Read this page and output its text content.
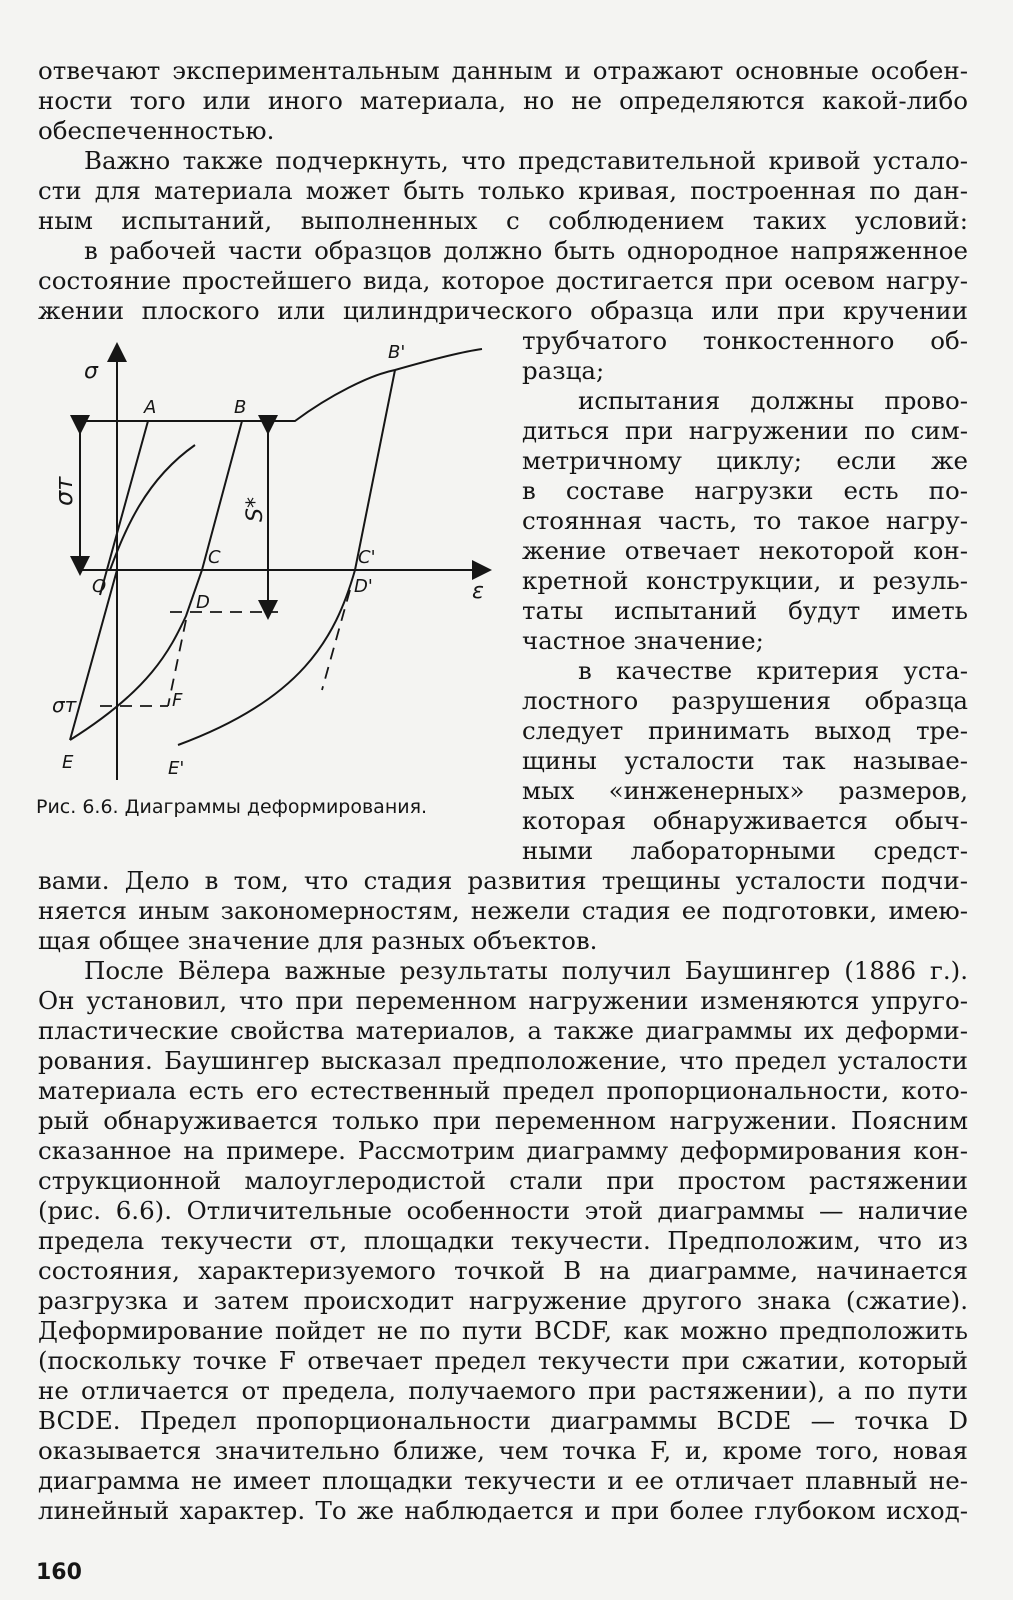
отвечают экспериментальным данным и отражают основные особен-
ности того или иного материала, но не определяются какой-либо
обеспеченностью.
Важно также подчеркнуть, что представительной кривой устало-
сти для материала может быть только кривая, построенная по дан-
ным испытаний, выполненных с соблюдением таких условий:
в рабочей части образцов должно быть однородное напряженное
состояние простейшего вида, которое достигается при осевом нагру-
жении плоского или цилиндрического образца или при кручении
трубчатого тонкостенного об-
разца;
испытания должны прово-
диться при нагружении по сим-
метричному циклу; если же
в составе нагрузки есть по-
стоянная часть, то такое нагру-
жение отвечает некоторой кон-
кретной конструкции, и резуль-
таты испытаний будут иметь
частное значение;
в качестве критерия уста-
лостного разрушения образца
следует принимать выход тре-
щины усталости так называе-
мых «инженерных» размеров,
которая обнаруживается обыч-
ными лабораторными средст-
вами. Дело в том, что стадия развития трещины усталости подчи-
няется иным закономерностям, нежели стадия ее подготовки, имею-
щая общее значение для разных объектов.
После Вёлера важные результаты получил Баушингер (1886 г.).
Он установил, что при переменном нагружении изменяются упруго-
пластические свойства материалов, а также диаграммы их деформи-
рования. Баушингер высказал предположение, что предел усталости
материала есть его естественный предел пропорциональности, кото-
рый обнаруживается только при переменном нагружении. Поясним
сказанное на примере. Рассмотрим диаграмму деформирования кон-
струкционной малоуглеродистой стали при простом растяжении
(рис. 6.6). Отличительные особенности этой диаграммы — наличие
предела текучести σт, площадки текучести. Предположим, что из
состояния, характеризуемого точкой B на диаграмме, начинается
разгрузка и затем происходит нагружение другого знака (сжатие).
Деформирование пойдет не по пути BCDF, как можно предположить
(поскольку точке F отвечает предел текучести при сжатии, который
не отличается от предела, получаемого при растяжении), а по пути
BCDE. Предел пропорциональности диаграммы BCDE — точка D
оказывается значительно ближе, чем точка F, и, кроме того, новая
диаграмма не имеет площадки текучести и ее отличает плавный не-
линейный характер. То же наблюдается и при более глубоком исход-
σ
A	B
B'
σт
S*
C	C'
O
D
D'	ε
σт	F
E	E'
Рис. 6.6. Диаграммы деформирования.
160
